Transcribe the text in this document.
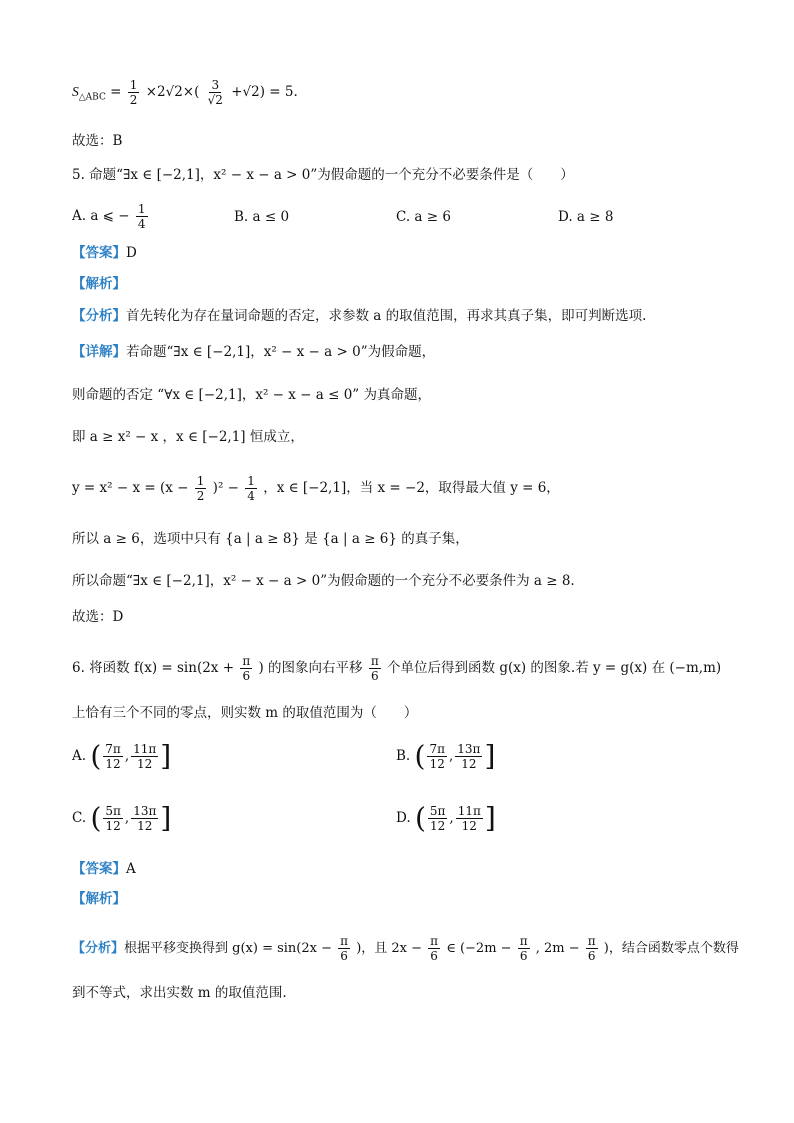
$S_{\triangle ABC} = \frac{1}{2} \times 2√2\times( \frac{3}{√2} +√2) = 5$.
故选：B
5. 命题“∃x ∈ [−2,1]，x² − x − a > 0”为假命题的一个充分不必要条件是（　　）
A. a ⩽ − $\frac{1}{4}$	B. a ≤ 0	C. a ≥ 6	D. a ≥ 8
【答案】D
【解析】
【分析】首先转化为存在量词命题的否定，求参数 a 的取值范围，再求其真子集，即可判断选项.
【详解】若命题“∃x ∈ [−2,1]，x² − x − a > 0”为假命题，
则命题的否定 “∀x ∈ [−2,1]，x² − x − a ≤ 0” 为真命题，
即 a ≥ x² − x ，x ∈ [−2,1] 恒成立，
$y = x^2 - x = (x - \frac{1}{2} )^2 - \frac{1}{4}$ ，x ∈ [−2,1]，当 x = −2，取得最大值 y = 6，
所以 a ≥ 6，选项中只有 {a | a ≥ 8} 是 {a | a ≥ 6} 的真子集，
所以命题“∃x ∈ [−2,1]，x² − x − a > 0”为假命题的一个充分不必要条件为 a ≥ 8.
故选：D
6. 将函数 $f(x) = \sin(2x + \frac{\pi}{6}$ ) 的图象向右平移 $\frac{\pi}{6}$ 个单位后得到函数 g(x) 的图象.若 y = g(x) 在 (−m,m)
上恰有三个不同的零点，则实数 m 的取值范围为（　　）
A. ( $\frac{7\pi}{12}$ , $\frac{11\pi}{12}$ ]	B. ( $\frac{7\pi}{12}$ , $\frac{13\pi}{12}$ ]
C. ( $\frac{5\pi}{12}$ , $\frac{13\pi}{12}$ ]	D. ( $\frac{5\pi}{12}$ , $\frac{11\pi}{12}$ ]
【答案】A
【解析】
【分析】根据平移变换得到 $g(x) = \sin(2x - \frac{\pi}{6}$ )，且 $2x - \frac{\pi}{6}$ ∈ ($-2m - \frac{\pi}{6}$ , $2m - \frac{\pi}{6}$ )，结合函数零点个数得
到不等式，求出实数 m 的取值范围.
